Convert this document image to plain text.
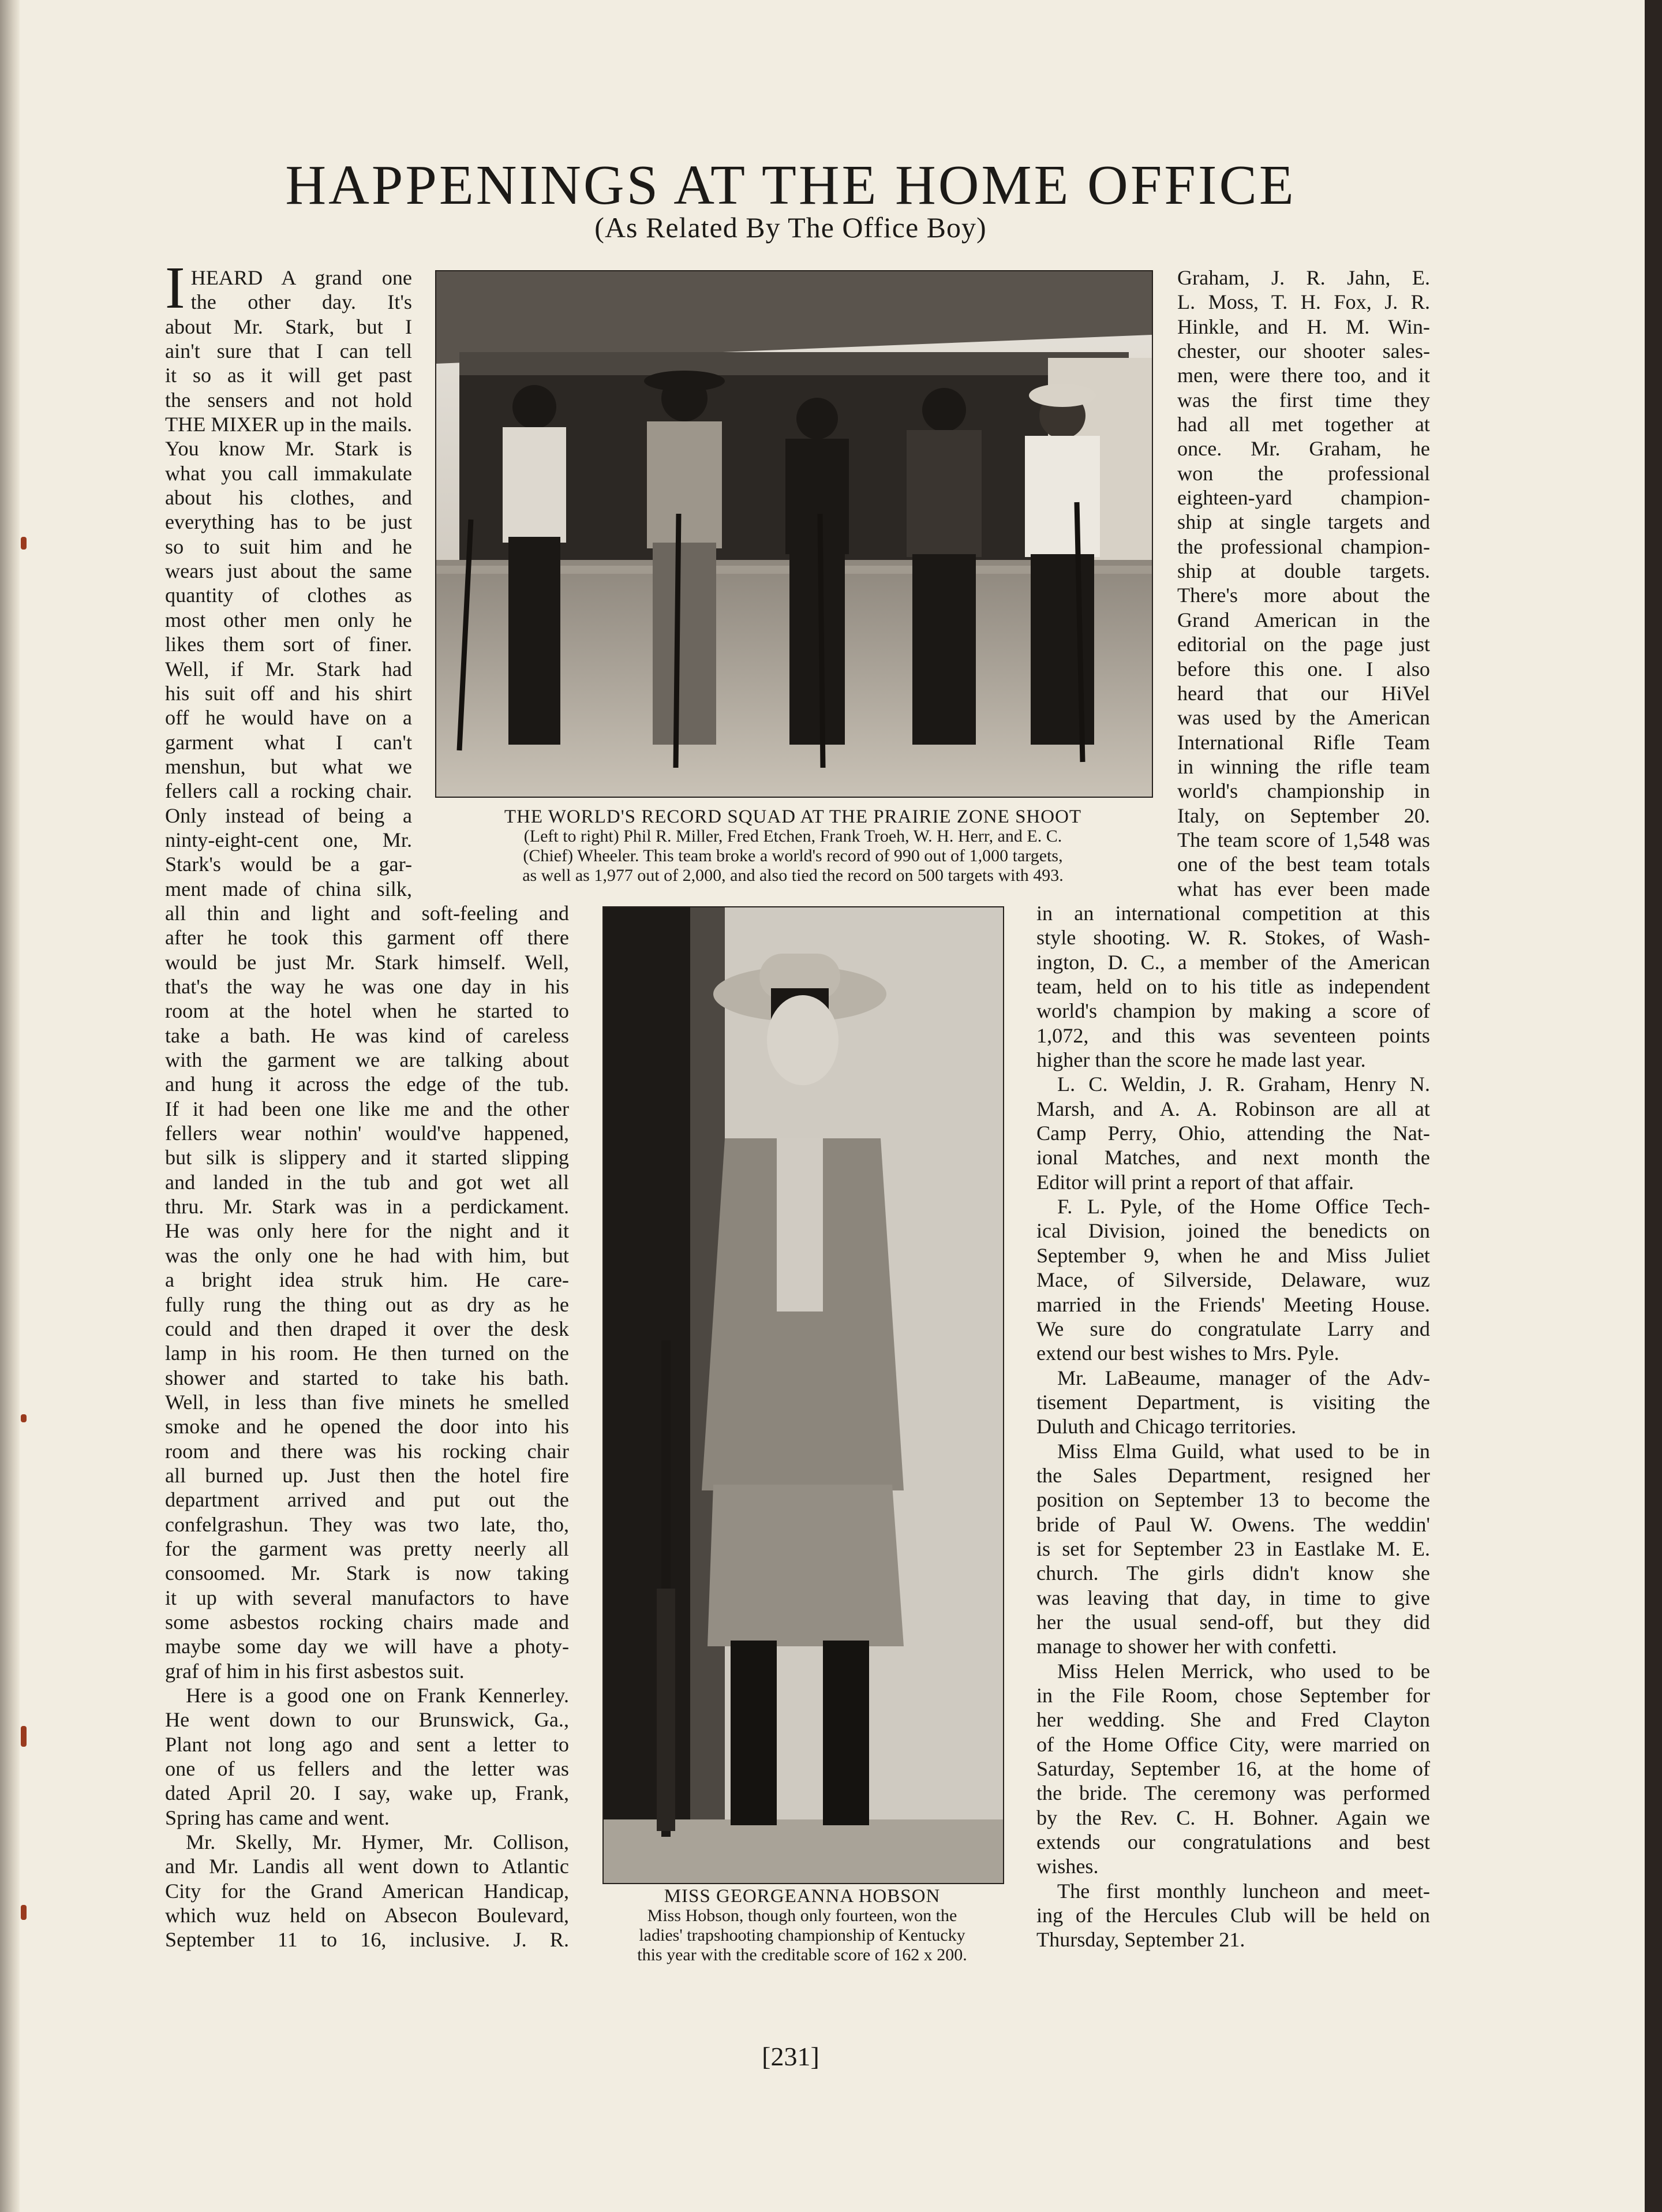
HAPPENINGS AT THE HOME OFFICE
(As Related By The Office Boy)
THE WORLD'S RECORD SQUAD AT THE PRAIRIE ZONE SHOOT
(Left to right) Phil R. Miller, Fred Etchen, Frank Troeh, W. H. Herr, and E. C.
(Chief) Wheeler. This team broke a world's record of 990 out of 1,000 targets,
as well as 1,977 out of 2,000, and also tied the record on 500 targets with 493.
MISS GEORGEANNA HOBSON
Miss Hobson, though only fourteen, won the
ladies' trapshooting championship of Kentucky
this year with the creditable score of 162 x 200.
I HEARD A grand one
the other day. It's
about Mr. Stark, but I
ain't sure that I can tell
it so as it will get past
the sensers and not hold
THE MIXER up in the mails.
You know Mr. Stark is
what you call immakulate
about his clothes, and
everything has to be just
so to suit him and he
wears just about the same
quantity of clothes as
most other men only he
likes them sort of finer.
Well, if Mr. Stark had
his suit off and his shirt
off he would have on a
garment what I can't
menshun, but what we
fellers call a rocking chair.
Only instead of being a
ninty-eight-cent one, Mr.
Stark's would be a gar-
ment made of china silk,
all thin and light and soft-feeling and
after he took this garment off there
would be just Mr. Stark himself. Well,
that's the way he was one day in his
room at the hotel when he started to
take a bath. He was kind of careless
with the garment we are talking about
and hung it across the edge of the tub.
If it had been one like me and the other
fellers wear nothin' would've happened,
but silk is slippery and it started slipping
and landed in the tub and got wet all
thru. Mr. Stark was in a perdickament.
He was only here for the night and it
was the only one he had with him, but
a bright idea struk him. He care-
fully rung the thing out as dry as he
could and then draped it over the desk
lamp in his room. He then turned on the
shower and started to take his bath.
Well, in less than five minets he smelled
smoke and he opened the door into his
room and there was his rocking chair
all burned up. Just then the hotel fire
department arrived and put out the
confelgrashun. They was two late, tho,
for the garment was pretty neerly all
consoomed. Mr. Stark is now taking
it up with several manufactors to have
some asbestos rocking chairs made and
maybe some day we will have a photy-
graf of him in his first asbestos suit.
Here is a good one on Frank Kennerley.
He went down to our Brunswick, Ga.,
Plant not long ago and sent a letter to
one of us fellers and the letter was
dated April 20. I say, wake up, Frank,
Spring has came and went.
Mr. Skelly, Mr. Hymer, Mr. Collison,
and Mr. Landis all went down to Atlantic
City for the Grand American Handicap,
which wuz held on Absecon Boulevard,
September 11 to 16, inclusive. J. R.
Graham, J. R. Jahn, E.
L. Moss, T. H. Fox, J. R.
Hinkle, and H. M. Win-
chester, our shooter sales-
men, were there too, and it
was the first time they
had all met together at
once. Mr. Graham, he
won the professional
eighteen-yard champion-
ship at single targets and
the professional champion-
ship at double targets.
There's more about the
Grand American in the
editorial on the page just
before this one. I also
heard that our HiVel
was used by the American
International Rifle Team
in winning the rifle team
world's championship in
Italy, on September 20.
The team score of 1,548 was
one of the best team totals
what has ever been made
in an international competition at this
style shooting. W. R. Stokes, of Wash-
ington, D. C., a member of the American
team, held on to his title as independent
world's champion by making a score of
1,072, and this was seventeen points
higher than the score he made last year.
L. C. Weldin, J. R. Graham, Henry N.
Marsh, and A. A. Robinson are all at
Camp Perry, Ohio, attending the Nat-
ional Matches, and next month the
Editor will print a report of that affair.
F. L. Pyle, of the Home Office Tech-
ical Division, joined the benedicts on
September 9, when he and Miss Juliet
Mace, of Silverside, Delaware, wuz
married in the Friends' Meeting House.
We sure do congratulate Larry and
extend our best wishes to Mrs. Pyle.
Mr. LaBeaume, manager of the Adv-
tisement Department, is visiting the
Duluth and Chicago territories.
Miss Elma Guild, what used to be in
the Sales Department, resigned her
position on September 13 to become the
bride of Paul W. Owens. The weddin'
is set for September 23 in Eastlake M. E.
church. The girls didn't know she
was leaving that day, in time to give
her the usual send-off, but they did
manage to shower her with confetti.
Miss Helen Merrick, who used to be
in the File Room, chose September for
her wedding. She and Fred Clayton
of the Home Office City, were married on
Saturday, September 16, at the home of
the bride. The ceremony was performed
by the Rev. C. H. Bohner. Again we
extends our congratulations and best
wishes.
The first monthly luncheon and meet-
ing of the Hercules Club will be held on
Thursday, September 21.
[231]
